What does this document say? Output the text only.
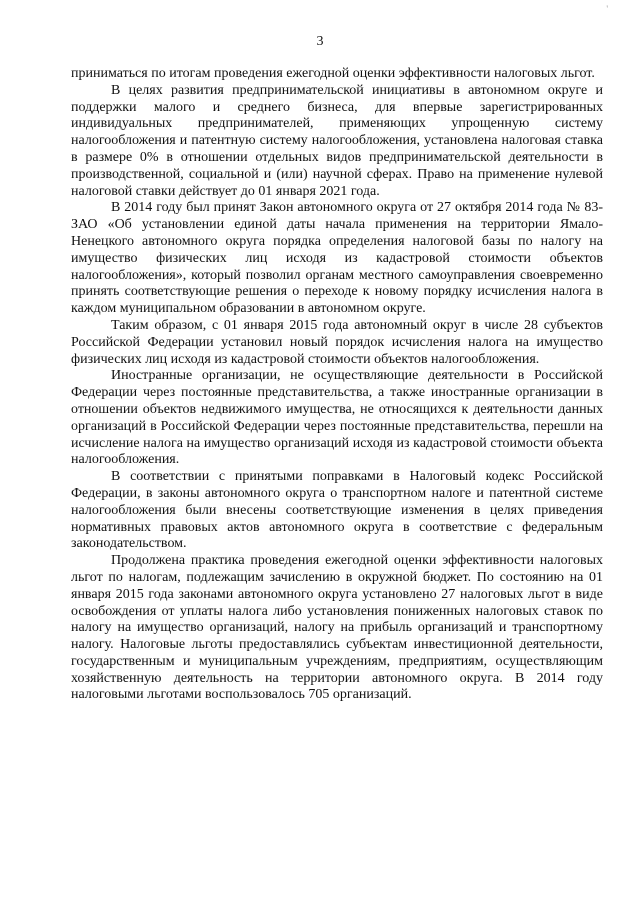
'
3

приниматься по итогам проведения ежегодной оценки эффективности налоговых льгот.

В целях развития предпринимательской инициативы в автономном округе и поддержки малого и среднего бизнеса, для впервые зарегистрированных индивидуальных предпринимателей, применяющих упрощенную систему налогообложения и патентную систему налогообложения, установлена налоговая ставка в размере 0% в отношении отдельных видов предпринимательской деятельности в производственной, социальной и (или) научной сферах. Право на применение нулевой налоговой ставки действует до 01 января 2021 года.

В 2014 году был принят Закон автономного округа от 27 октября 2014 года № 83-ЗАО «Об установлении единой даты начала применения на территории Ямало-Ненецкого автономного округа порядка определения налоговой базы по налогу на имущество физических лиц исходя из кадастровой стоимости объектов налогообложения», который позволил органам местного самоуправления своевременно принять соответствующие решения о переходе к новому порядку исчисления налога в каждом муниципальном образовании в автономном округе.

Таким образом, с 01 января 2015 года автономный округ в числе 28 субъектов Российской Федерации установил новый порядок исчисления налога на имущество физических лиц исходя из кадастровой стоимости объектов налогообложения.

Иностранные организации, не осуществляющие деятельности в Российской Федерации через постоянные представительства, а также иностранные организации в отношении объектов недвижимого имущества, не относящихся к деятельности данных организаций в Российской Федерации через постоянные представительства, перешли на исчисление налога на имущество организаций исходя из кадастровой стоимости объекта налогообложения.

В соответствии с принятыми поправками в Налоговый кодекс Российской Федерации, в законы автономного округа о транспортном налоге и патентной системе налогообложения были внесены соответствующие изменения в целях приведения нормативных правовых актов автономного округа в соответствие с федеральным законодательством.

Продолжена практика проведения ежегодной оценки эффективности налоговых льгот по налогам, подлежащим зачислению в окружной бюджет. По состоянию на 01 января 2015 года законами автономного округа установлено 27 налоговых льгот в виде освобождения от уплаты налога либо установления пониженных налоговых ставок по налогу на имущество организаций, налогу на прибыль организаций и транспортному налогу. Налоговые льготы предоставлялись субъектам инвестиционной деятельности, государственным и муниципальным учреждениям, предприятиям, осуществляющим хозяйственную деятельность на территории автономного округа. В 2014 году налоговыми льготами воспользовалось 705 организаций.
